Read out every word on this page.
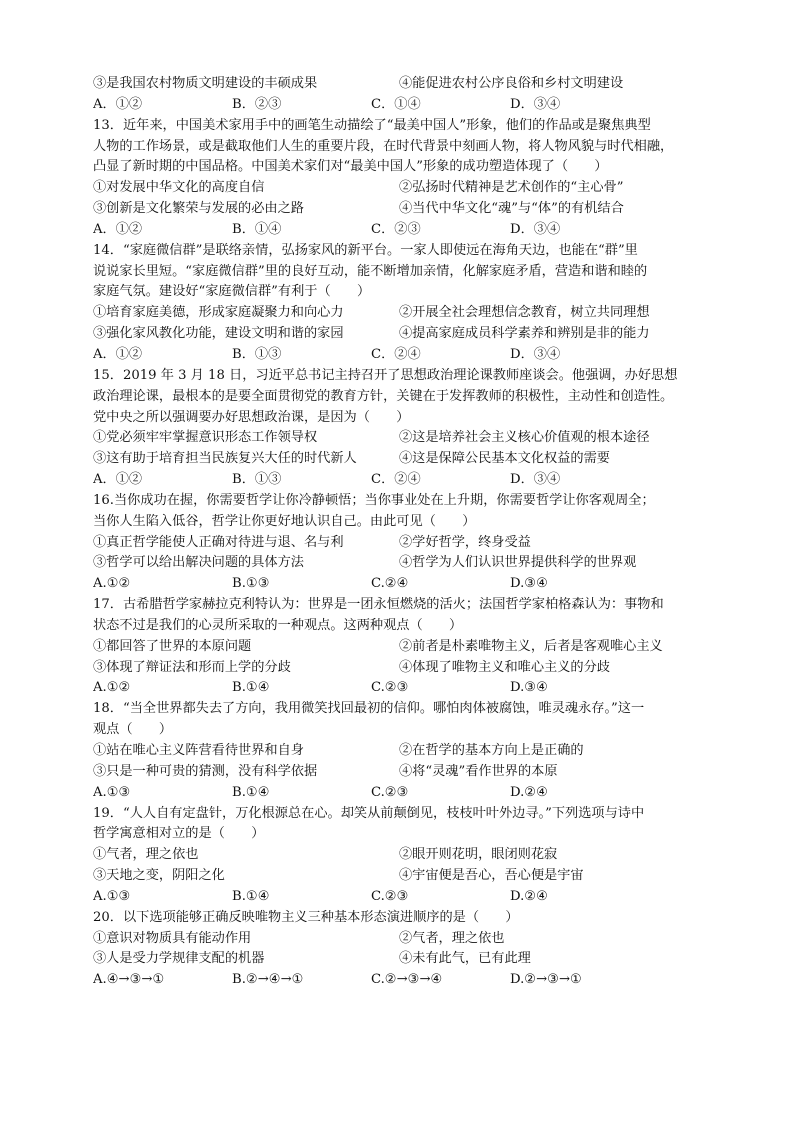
③是我国农村物质文明建设的丰硕成果	④能促进农村公序良俗和乡村文明建设
A．①②	B．②③	C．①④	D．③④
13．近年来，中国美术家用手中的画笔生动描绘了“最美中国人”形象，他们的作品或是聚焦典型
人物的工作场景，或是截取他们人生的重要片段，在时代背景中刻画人物，将人物风貌与时代相融，
凸显了新时期的中国品格。中国美术家们对“最美中国人”形象的成功塑造体现了（　　）
①对发展中华文化的高度自信	②弘扬时代精神是艺术创作的“主心骨”
③创新是文化繁荣与发展的必由之路	④当代中华文化“魂”与“体”的有机结合
A．①②	B．①④	C．②③	D．③④
14．“家庭微信群”是联络亲情，弘扬家风的新平台。一家人即使远在海角天边，也能在“群”里
说说家长里短。“家庭微信群”里的良好互动，能不断增加亲情，化解家庭矛盾，营造和谐和睦的
家庭气氛。建设好“家庭微信群”有利于（　　）
①培育家庭美德，形成家庭凝聚力和向心力	②开展全社会理想信念教育，树立共同理想
③强化家风教化功能，建设文明和谐的家园	④提高家庭成员科学素养和辨别是非的能力
A．①②	B．①③	C．②④	D．③④
15．2019 年 3 月 18 日，习近平总书记主持召开了思想政治理论课教师座谈会。他强调，办好思想
政治理论课，最根本的是要全面贯彻党的教育方针，关键在于发挥教师的积极性，主动性和创造性。
党中央之所以强调要办好思想政治课，是因为（　　）
①党必须牢牢掌握意识形态工作领导权	②这是培养社会主义核心价值观的根本途径
③这有助于培育担当民族复兴大任的时代新人	④这是保障公民基本文化权益的需要
A．①②	B．①③	C．②④	D．③④
16.当你成功在握，你需要哲学让你冷静顿悟；当你事业处在上升期，你需要哲学让你客观周全；
当你人生陷入低谷，哲学让你更好地认识自己。由此可见（　　）
①真正哲学能使人正确对待进与退、名与利	②学好哲学，终身受益
③哲学可以给出解决问题的具体方法	④哲学为人们认识世界提供科学的世界观
A.①②	B.①③	C.②④	D.③④
17．古希腊哲学家赫拉克利特认为：世界是一团永恒燃烧的活火；法国哲学家柏格森认为：事物和
状态不过是我们的心灵所采取的一种观点。这两种观点（　　）
①都回答了世界的本原问题	②前者是朴素唯物主义，后者是客观唯心主义
③体现了辩证法和形而上学的分歧	④体现了唯物主义和唯心主义的分歧
A.①②	B.①④	C.②③	D.③④
18．“当全世界都失去了方向，我用微笑找回最初的信仰。哪怕肉体被腐蚀，唯灵魂永存。”这一
观点（　　）
①站在唯心主义阵营看待世界和自身	②在哲学的基本方向上是正确的
③只是一种可贵的猜测，没有科学依据	④将“灵魂”看作世界的本原
A.①③	B.①④	C.②③	D.②④
19．“人人自有定盘针，万化根源总在心。却笑从前颠倒见，枝枝叶叶外边寻。”下列选项与诗中
哲学寓意相对立的是（　　）
①气者，理之依也	②眼开则花明，眼闭则花寂
③天地之变，阴阳之化	④宇宙便是吾心，吾心便是宇宙
A.①③	B.①④	C.②③	D.②④
20．以下选项能够正确反映唯物主义三种基本形态演进顺序的是（　　）
①意识对物质具有能动作用	②气者，理之依也
③人是受力学规律支配的机器	④未有此气，已有此理
A.④→③→①	B.②→④→①	C.②→③→④	D.②→③→①
